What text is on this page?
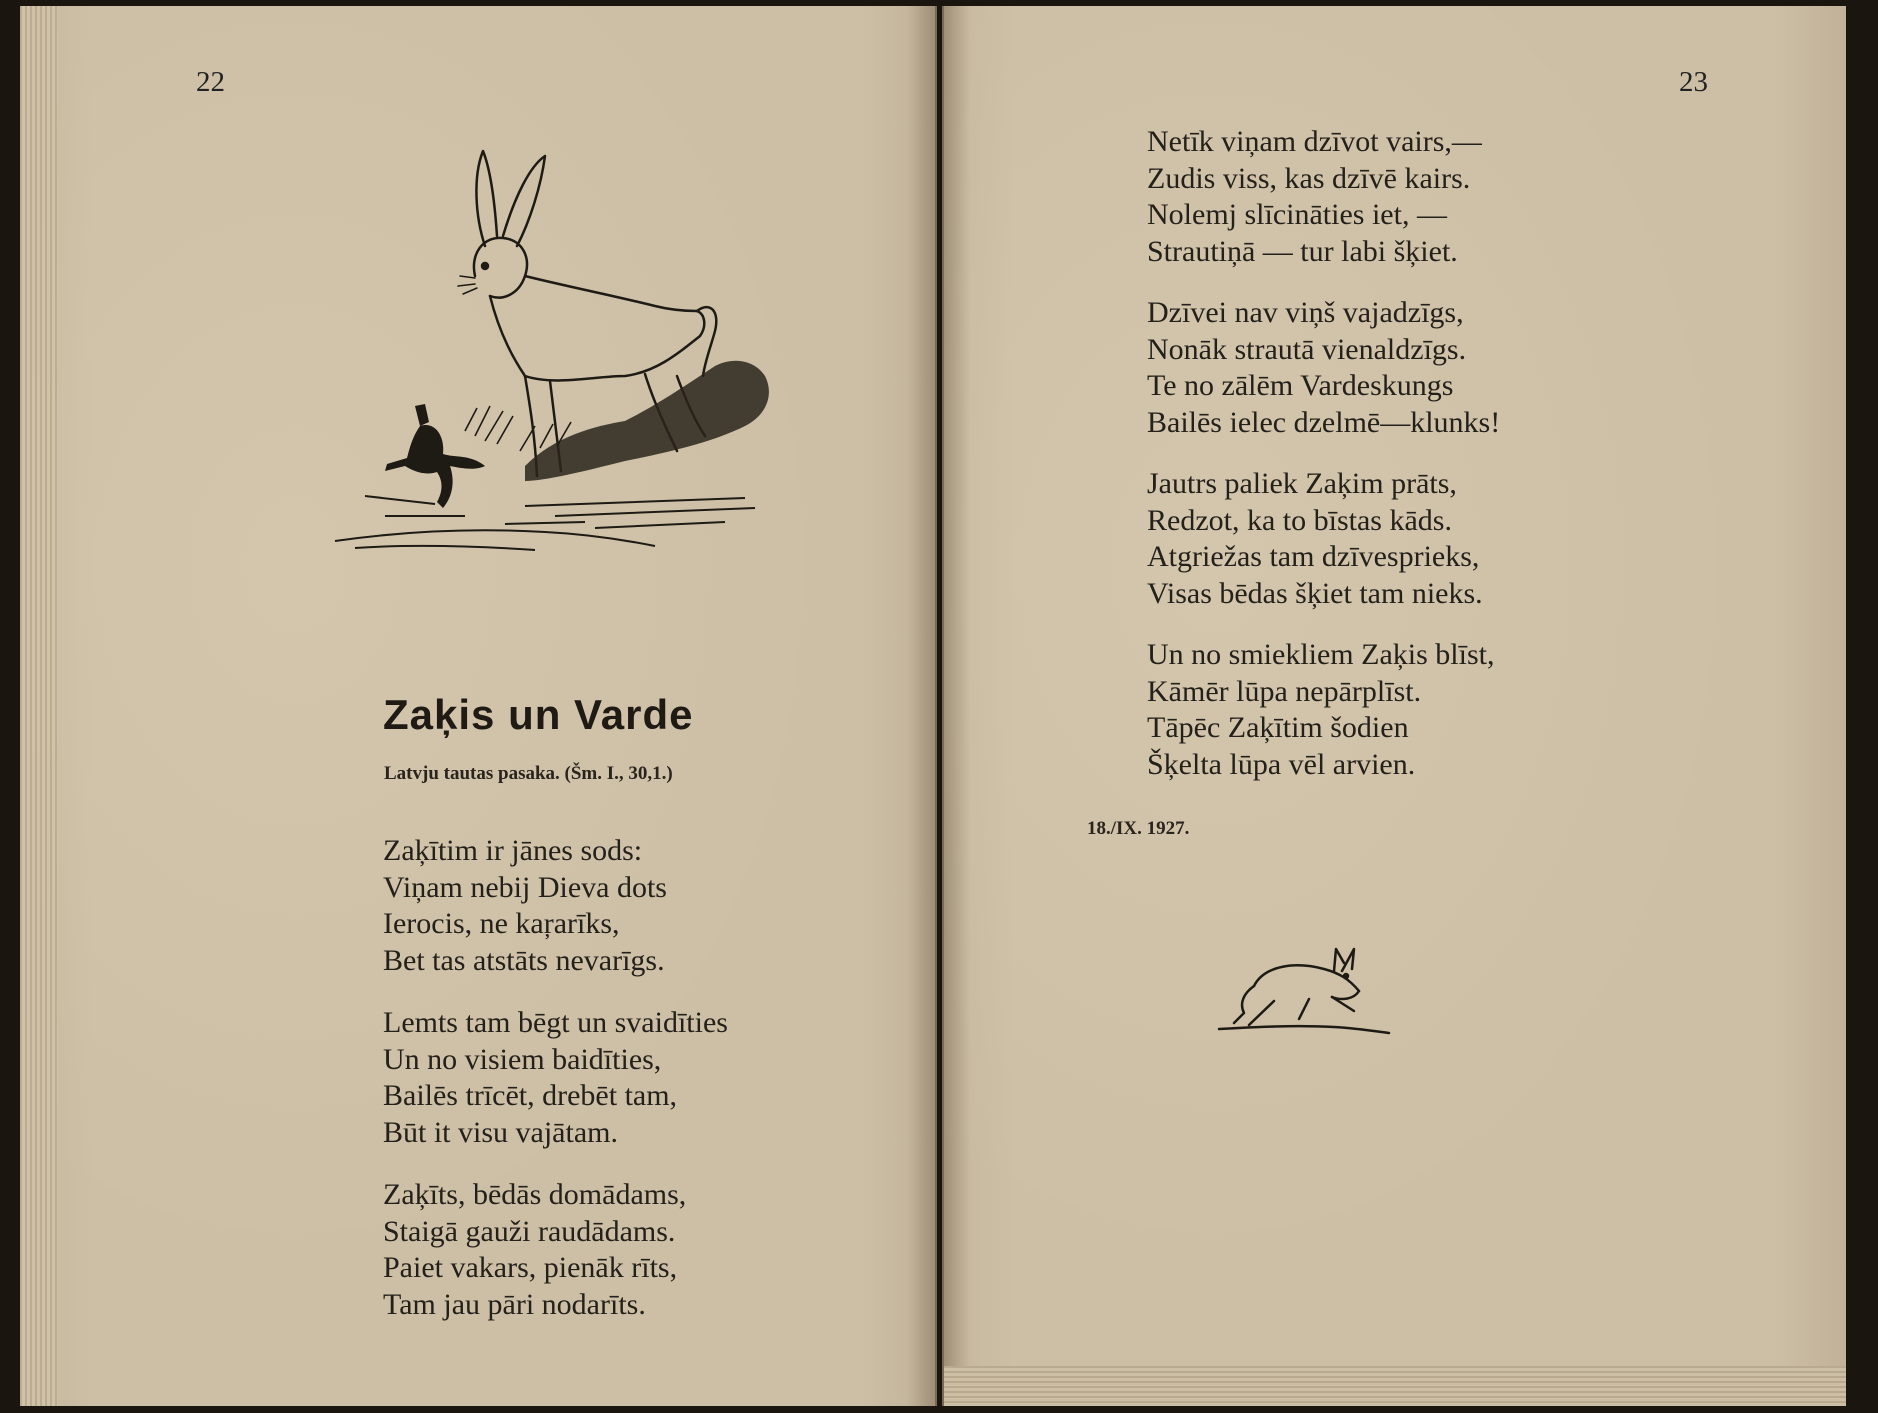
22
Zaķis un Varde
Latvju tautas pasaka. (Šm. I., 30,1.)
Zaķītim ir jānes sods:
Viņam nebij Dieva dots
Ierocis, ne kaŗarīks,
Bet tas atstāts nevarīgs.
Lemts tam bēgt un svaidīties
Un no visiem baidīties,
Bailēs trīcēt, drebēt tam,
Būt it visu vajātam.
Zaķīts, bēdās domādams,
Staigā gauži raudādams.
Paiet vakars, pienāk rīts,
Tam jau pāri nodarīts.
23
Netīk viņam dzīvot vairs,—
Zudis viss, kas dzīvē kairs.
Nolemj slīcināties iet, —
Strautiņā — tur labi šķiet.
Dzīvei nav viņš vajadzīgs,
Nonāk strautā vienaldzīgs.
Te no zālēm Vardeskungs
Bailēs ielec dzelmē—klunks!
Jautrs paliek Zaķim prāts,
Redzot, ka to bīstas kāds.
Atgriežas tam dzīvesprieks,
Visas bēdas šķiet tam nieks.
Un no smiekliem Zaķis blīst,
Kāmēr lūpa nepārplīst.
Tāpēc Zaķītim šodien
Šķelta lūpa vēl arvien.
18./IX. 1927.
